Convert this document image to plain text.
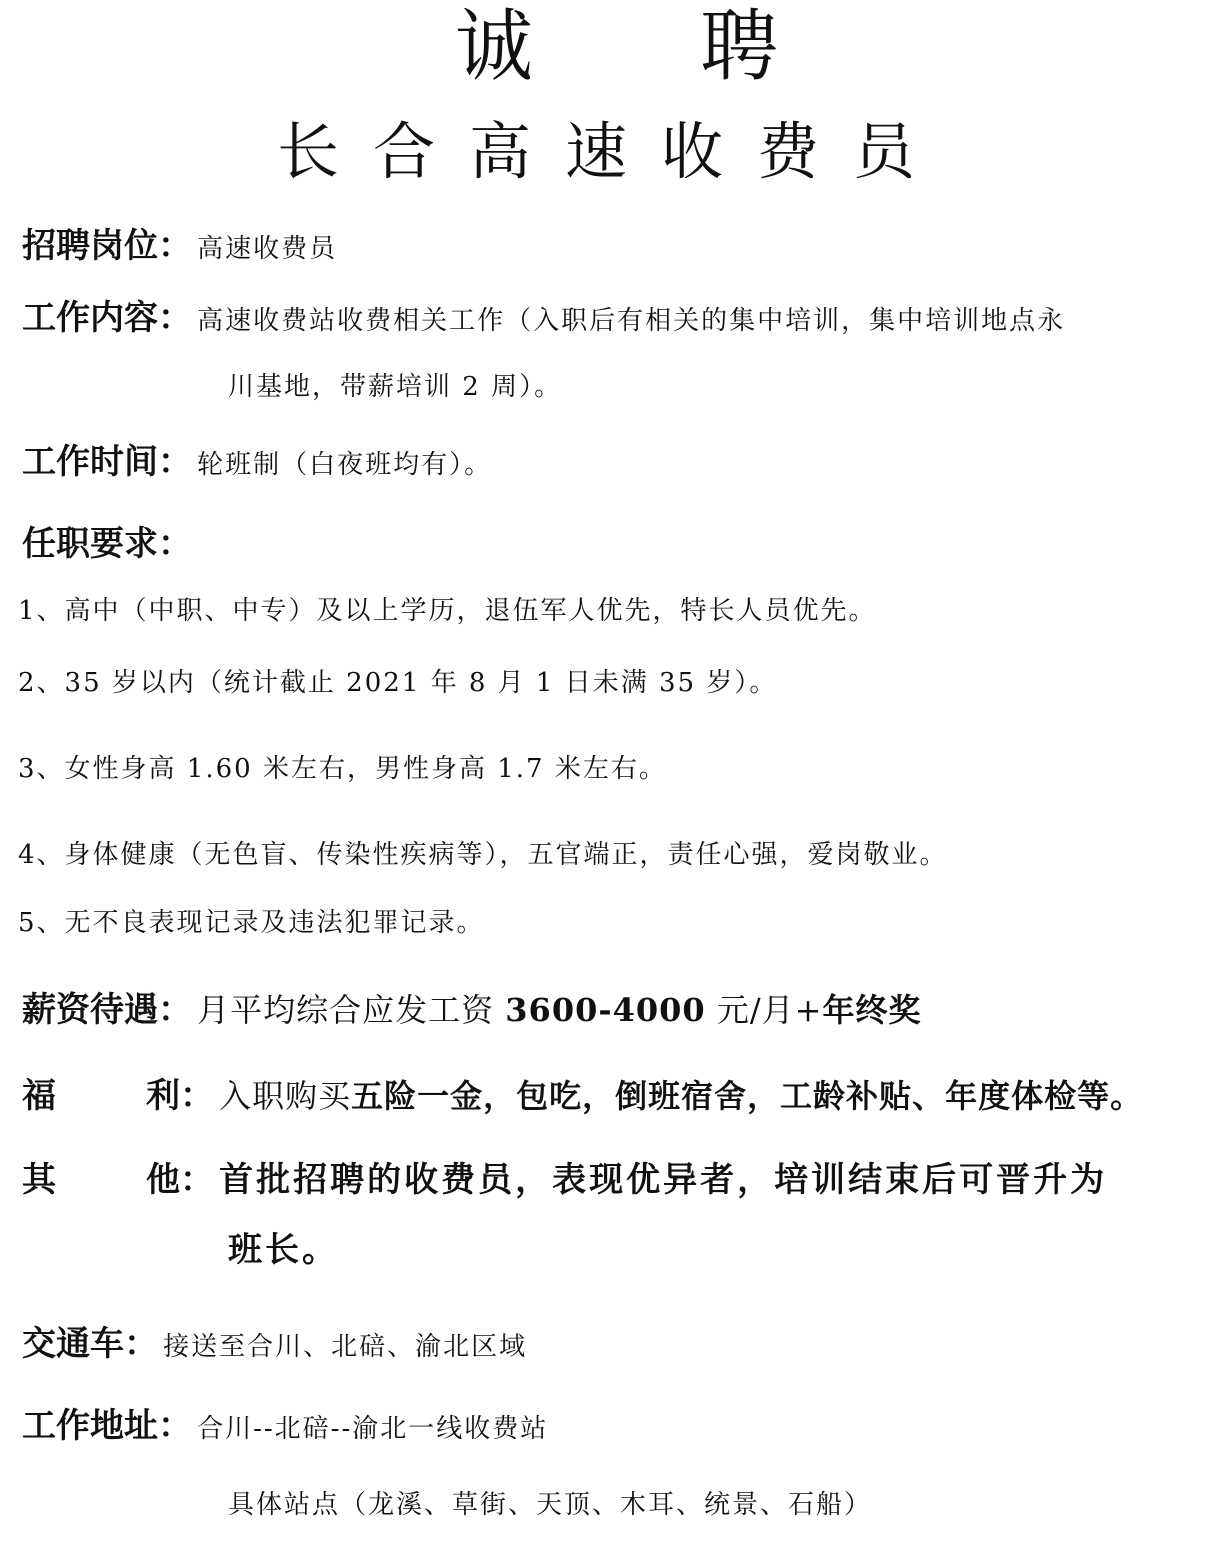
诚 聘
长合高速收费员
招聘岗位： 高速收费员
工作内容： 高速收费站收费相关工作（入职后有相关的集中培训，集中培训地点永
川基地，带薪培训 2 周）。
工作时间： 轮班制（白夜班均有）。
任职要求：
1、高中（中职、中专）及以上学历，退伍军人优先，特长人员优先。
2、35 岁以内（统计截止 2021 年 8 月 1 日未满 35 岁）。
3、女性身高 1.60 米左右，男性身高 1.7 米左右。
4、身体健康（无色盲、传染性疾病等），五官端正，责任心强，爱岗敬业。
5、无不良表现记录及违法犯罪记录。
薪资待遇： 月平均综合应发工资 3600-4000 元/月+年终奖
福	利： 入职购买五险一金，包吃，倒班宿舍，工龄补贴、年度体检等。
其	他： 首批招聘的收费员，表现优异者，培训结束后可晋升为
班长。
交通车： 接送至合川、北碚、渝北区域
工作地址： 合川--北碚--渝北一线收费站
具体站点（龙溪、草街、天顶、木耳、统景、石船）
